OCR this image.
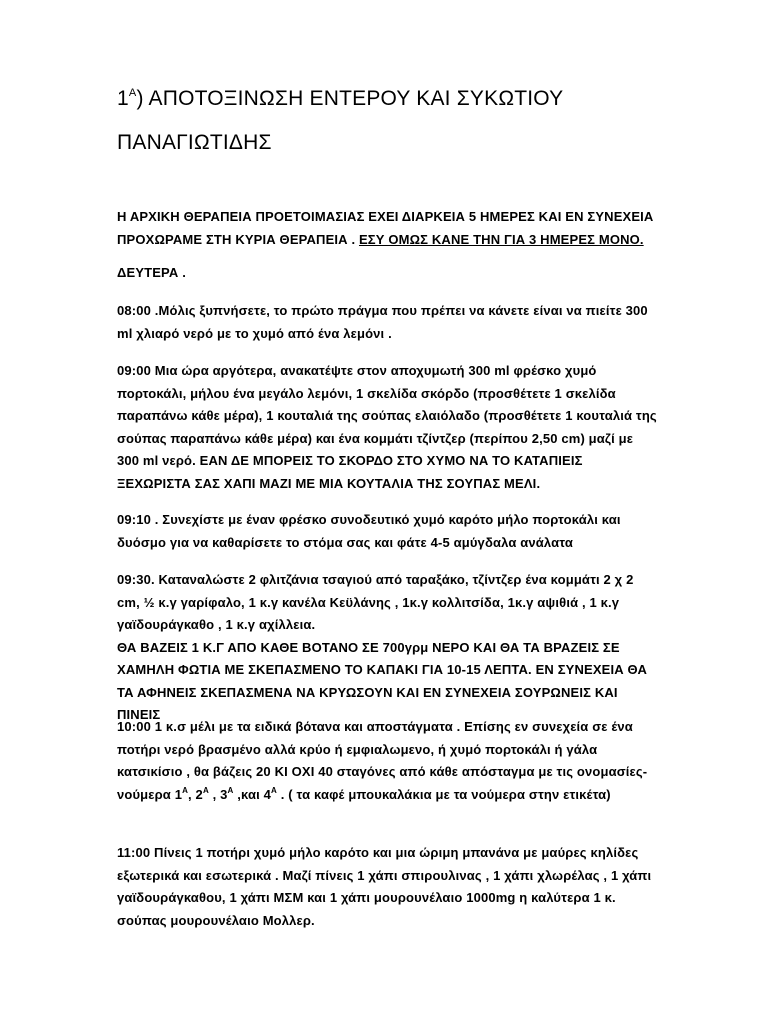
$1^A$) ΑΠΟΤΟΞΙΝΩΣΗ ΕΝΤΕΡΟΥ ΚΑΙ ΣΥΚΩΤΙΟΥ
ΠΑΝΑΓΙΩΤΙΔΗΣ

Η ΑΡΧΙΚΗ ΘΕΡΑΠΕΙΑ ΠΡΟΕΤΟΙΜΑΣΙΑΣ ΕΧΕΙ ΔΙΑΡΚΕΙΑ 5 ΗΜΕΡΕΣ ΚΑΙ ΕΝ ΣΥΝΕΧΕΙΑ ΠΡΟΧΩΡΑΜΕ ΣΤΗ ΚΥΡΙΑ ΘΕΡΑΠΕΙΑ . ΕΣΥ ΟΜΩΣ ΚΑΝΕ ΤΗΝ ΓΙΑ 3 ΗΜΕΡΕΣ ΜΟΝΟ.

ΔΕΥΤΕΡΑ .

08:00 .Μόλις ξυπνήσετε, το πρώτο πράγμα που πρέπει να κάνετε είναι να πιείτε 300 ml χλιαρό νερό με το χυμό από ένα λεμόνι .

09:00 Μια ώρα αργότερα, ανακατέψτε στον αποχυμωτή 300 ml φρέσκο χυμό πορτοκάλι, μήλου ένα μεγάλο λεμόνι, 1 σκελίδα σκόρδο (προσθέτετε 1 σκελίδα παραπάνω κάθε μέρα), 1 κουταλιά της σούπας ελαιόλαδο (προσθέτετε 1 κουταλιά της σούπας παραπάνω κάθε μέρα) και ένα κομμάτι τζίντζερ (περίπου 2,50 cm) μαζί με 300 ml νερό. ΕΑΝ ΔΕ ΜΠΟΡΕΙΣ ΤΟ ΣΚΟΡΔΟ ΣΤΟ ΧΥΜΟ ΝΑ ΤΟ ΚΑΤΑΠΙΕΙΣ ΞΕΧΩΡΙΣΤΑ ΣΑΣ ΧΑΠΙ ΜΑΖΙ ΜΕ ΜΙΑ ΚΟΥΤΑΛΙΑ ΤΗΣ ΣΟΥΠΑΣ ΜΕΛΙ.

09:10 . Συνεχίστε με έναν φρέσκο συνοδευτικό χυμό καρότο μήλο πορτοκάλι και δυόσμο για να καθαρίσετε το στόμα σας και φάτε 4-5 αμύγδαλα ανάλατα

09:30. Καταναλώστε 2 φλιτζάνια τσαγιού από ταραξάκο, τζίντζερ ένα κομμάτι 2 χ 2 cm, ½ κ.γ γαρίφαλο, 1 κ.γ κανέλα Κεϋλάνης , 1κ.γ κολλιτσίδα, 1κ.γ αψιθιά , 1 κ.γ γαϊδουράγκαθο , 1 κ.γ αχίλλεια.
ΘΑ ΒΑΖΕΙΣ 1 Κ.Γ ΑΠΟ ΚΑΘΕ ΒΟΤΑΝΟ ΣΕ 700γρμ ΝΕΡΟ ΚΑΙ ΘΑ ΤΑ ΒΡΑΖΕΙΣ ΣΕ ΧΑΜΗΛΗ ΦΩΤΙΑ ΜΕ ΣΚΕΠΑΣΜΕΝΟ ΤΟ ΚΑΠΑΚΙ ΓΙΑ 10-15 ΛΕΠΤΑ. ΕΝ ΣΥΝΕΧΕΙΑ ΘΑ ΤΑ ΑΦΗΝΕΙΣ ΣΚΕΠΑΣΜΕΝΑ ΝΑ ΚΡΥΩΣΟΥΝ ΚΑΙ ΕΝ ΣΥΝΕΧΕΙΑ ΣΟΥΡΩΝΕΙΣ ΚΑΙ ΠΙΝΕΙΣ

10:00 1 κ.σ μέλι με τα ειδικά βότανα και αποστάγματα . Επίσης εν συνεχεία σε ένα ποτήρι νερό βρασμένο αλλά κρύο ή εμφιαλωμενο, ή χυμό πορτοκάλι ή γάλα κατσικίσιο , θα βάζεις 20 ΚΙ ΟΧΙ 40 σταγόνες από κάθε απόσταγμα με τις ονομασίες-νούμερα $1^A$, $2^A$ , $3^A$ ,και $4^A$ . ( τα καφέ μπουκαλάκια με τα νούμερα στην ετικέτα)

11:00 Πίνεις 1 ποτήρι χυμό μήλο καρότο και μια ώριμη μπανάνα με μαύρες κηλίδες εξωτερικά και εσωτερικά . Μαζί πίνεις 1 χάπι σπιρουλινας , 1 χάπι χλωρέλας , 1 χάπι γαϊδουράγκαθου, 1 χάπι ΜΣΜ και 1 χάπι μουρουνέλαιο 1000mg η καλύτερα 1 κ. σούπας μουρουνέλαιο Μολλερ.
